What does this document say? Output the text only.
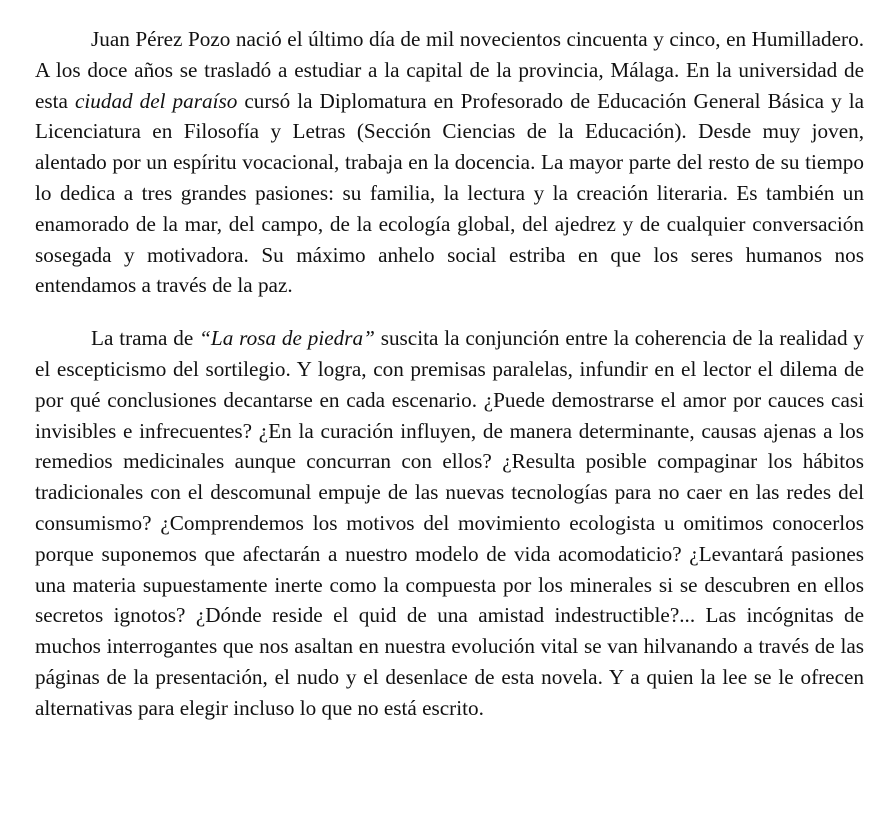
Juan Pérez Pozo nació el último día de mil novecientos cincuenta y cinco, en Humilladero. A los doce años se trasladó a estudiar a la capital de la provincia, Málaga. En la universidad de esta ciudad del paraíso cursó la Diplomatura en Profesorado de Educación General Básica y la Licenciatura en Filosofía y Letras (Sección Ciencias de la Educación). Desde muy joven, alentado por un espíritu vocacional, trabaja en la docencia. La mayor parte del resto de su tiempo lo dedica a tres grandes pasiones: su familia, la lectura y la creación literaria. Es también un enamorado de la mar, del campo, de la ecología global, del ajedrez y de cualquier conversación sosegada y motivadora. Su máximo anhelo social estriba en que los seres humanos nos entendamos a través de la paz.

La trama de “La rosa de piedra” suscita la conjunción entre la coherencia de la realidad y el escepticismo del sortilegio. Y logra, con premisas paralelas, infundir en el lector el dilema de por qué conclusiones decantarse en cada escenario. ¿Puede demostrarse el amor por cauces casi invisibles e infrecuentes? ¿En la curación influyen, de manera determinante, causas ajenas a los remedios medicinales aunque concurran con ellos? ¿Resulta posible compaginar los hábitos tradicionales con el descomunal empuje de las nuevas tecnologías para no caer en las redes del consumismo? ¿Comprendemos los motivos del movimiento ecologista u omitimos conocerlos porque suponemos que afectarán a nuestro modelo de vida acomodaticio? ¿Levantará pasiones una materia supuestamente inerte como la compuesta por los minerales si se descubren en ellos secretos ignotos? ¿Dónde reside el quid de una amistad indestructible?... Las incógnitas de muchos interrogantes que nos asaltan en nuestra evolución vital se van hilvanando a través de las páginas de la presentación, el nudo y el desenlace de esta novela. Y a quien la lee se le ofrecen alternativas para elegir incluso lo que no está escrito.
